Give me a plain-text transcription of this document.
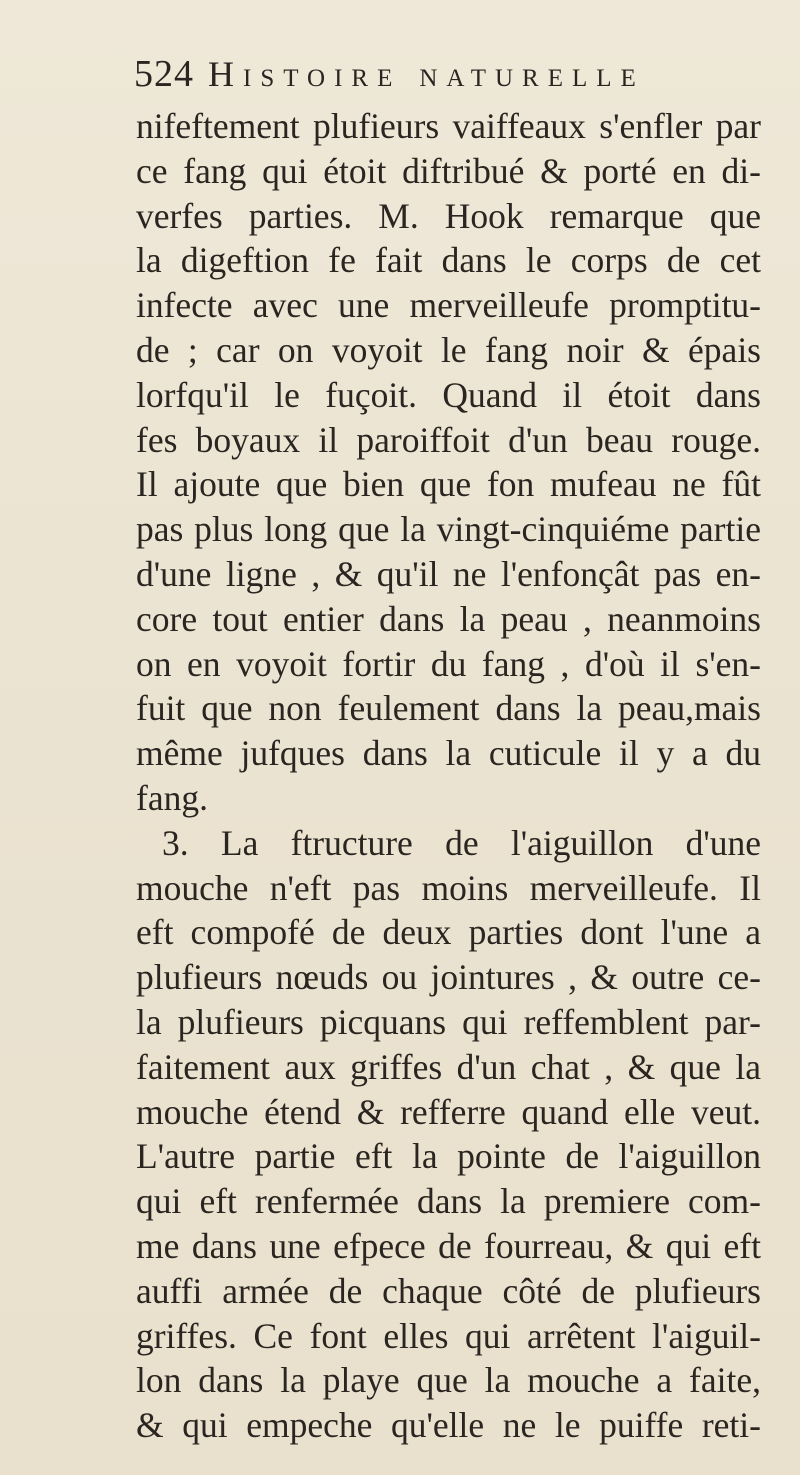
524 Histoire naturelle
nifeftement plufieurs vaiffeaux s'enfler par
ce fang qui étoit diftribué & porté en di-
verfes parties. M. Hook remarque que
la digeftion fe fait dans le corps de cet
infecte avec une merveilleufe promptitu-
de ; car on voyoit le fang noir & épais
lorfqu'il le fuçoit. Quand il étoit dans
fes boyaux il paroiffoit d'un beau rouge.
Il ajoute que bien que fon mufeau ne fût
pas plus long que la vingt-cinquiéme partie
d'une ligne , & qu'il ne l'enfonçât pas en-
core tout entier dans la peau , neanmoins
on en voyoit fortir du fang , d'où il s'en-
fuit que non feulement dans la peau,mais
même jufques dans la cuticule il y a du
fang.
3. La ftructure de l'aiguillon d'une
mouche n'eft pas moins merveilleufe. Il
eft compofé de deux parties dont l'une a
plufieurs nœuds ou jointures , & outre ce-
la plufieurs picquans qui reffemblent par-
faitement aux griffes d'un chat , & que la
mouche étend & refferre quand elle veut.
L'autre partie eft la pointe de l'aiguillon
qui eft renfermée dans la premiere com-
me dans une efpece de fourreau, & qui eft
auffi armée de chaque côté de plufieurs
griffes. Ce font elles qui arrêtent l'aiguil-
lon dans la playe que la mouche a faite,
& qui empeche qu'elle ne le puiffe reti-
